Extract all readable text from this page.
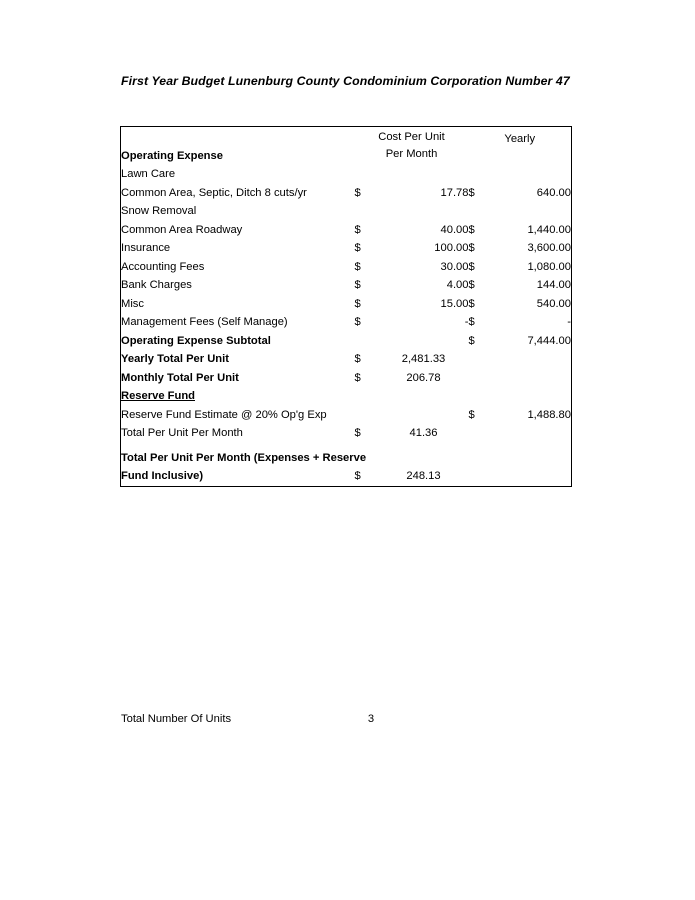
First Year Budget Lunenburg County Condominium Corporation Number 47
Operating Expense	Cost Per Unit
Per Month		Yearly	

Lawn Care
Common Area, Septic, Ditch 8 cuts/yr	$	17.78	$	640.00

Snow Removal
Common Area Roadway	$	40.00	$	1,440.00
Insurance	$	100.00	$	3,600.00
Accounting Fees	$	30.00	$	1,080.00
Bank Charges	$	4.00	$	144.00
Misc	$	15.00	$	540.00
Management Fees (Self Manage)	$	-	$	-
Operating Expense Subtotal			$	7,444.00
Yearly Total Per Unit	$	2,481.33		
Monthly Total Per Unit	$	206.78		
Reserve Fund				
Reserve Fund Estimate @ 20% Op'g Exp			$	1,488.80
Total Per Unit Per Month	$	41.36		

Total Per Unit Per Month (Expenses + Reserve
Fund Inclusive)	$	248.13		
Total Number Of Units	3
